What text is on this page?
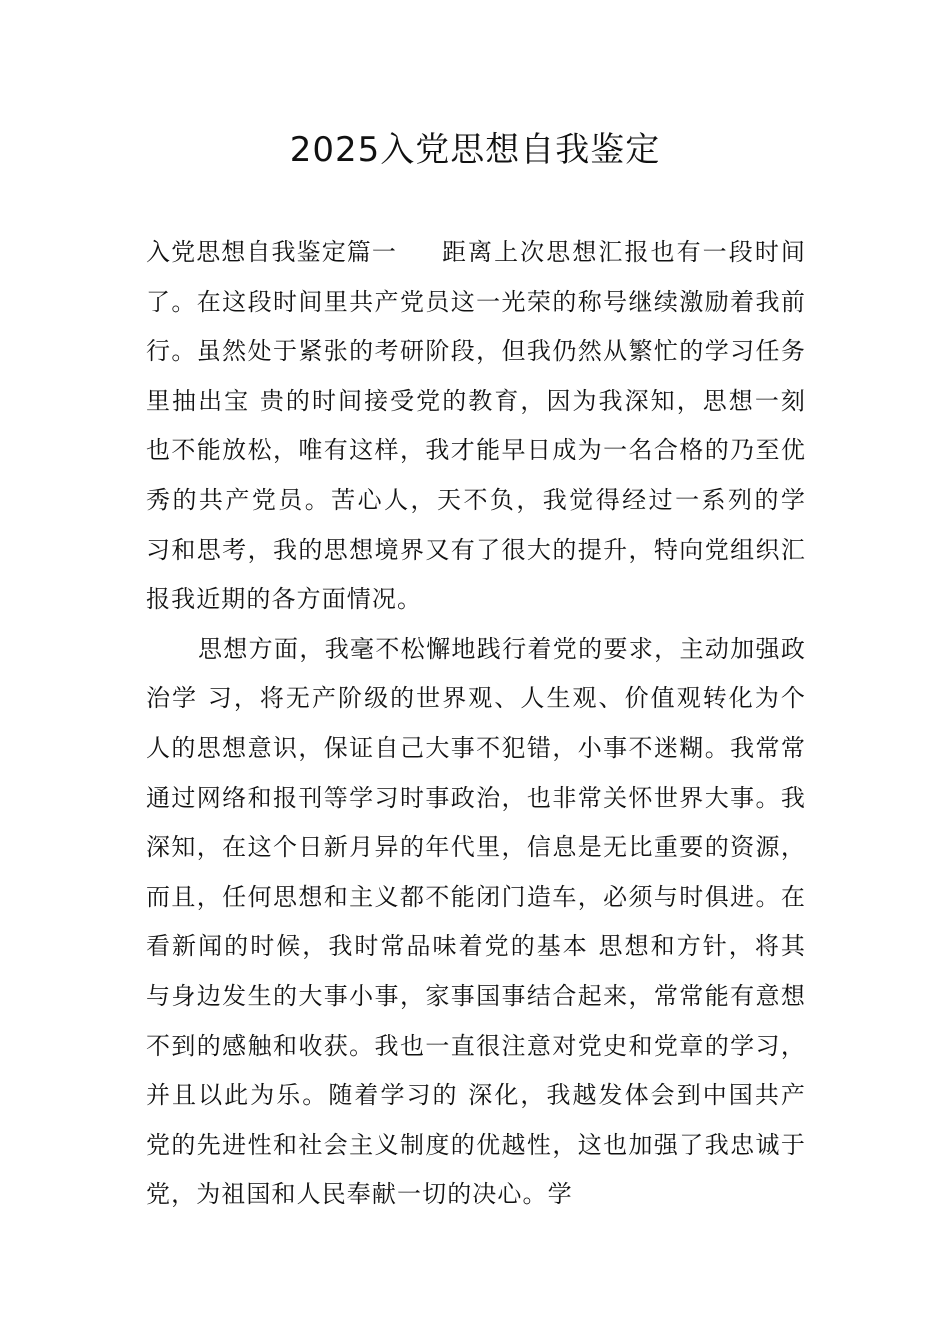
2025入党思想自我鉴定

入党思想自我鉴定篇一 距离上次思想汇报也有一段时间了。在这段时间里共产党员这一光荣的称号继续激励着我前行。虽然处于紧张的考研阶段，但我仍然从繁忙的学习任务里抽出宝 贵的时间接受党的教育，因为我深知，思想一刻也不能放松，唯有这样，我才能早日成为一名合格的乃至优秀的共产党员。苦心人，天不负，我觉得经过一系列的学 习和思考，我的思想境界又有了很大的提升，特向党组织汇报我近期的各方面情况。

思想方面，我毫不松懈地践行着党的要求，主动加强政治学 习，将无产阶级的世界观、人生观、价值观转化为个人的思想意识，保证自己大事不犯错，小事不迷糊。我常常通过网络和报刊等学习时事政治，也非常关怀世界大事。我深知，在这个日新月异的年代里，信息是无比重要的资源，而且，任何思想和主义都不能闭门造车，必须与时俱进。在看新闻的时候，我时常品味着党的基本 思想和方针，将其与身边发生的大事小事，家事国事结合起来，常常能有意想不到的感触和收获。我也一直很注意对党史和党章的学习，并且以此为乐。随着学习的 深化，我越发体会到中国共产党的先进性和社会主义制度的优越性，这也加强了我忠诚于党，为祖国和人民奉献一切的决心。学
